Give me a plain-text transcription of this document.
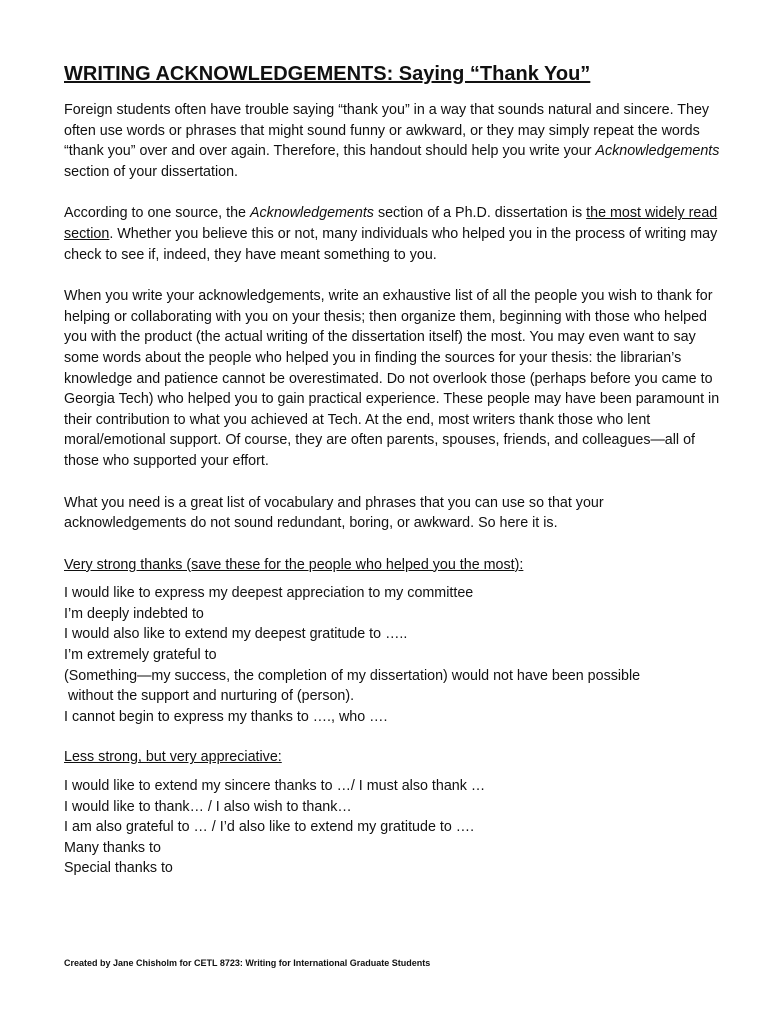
WRITING ACKNOWLEDGEMENTS: Saying “Thank You”

Foreign students often have trouble saying “thank you” in a way that sounds natural and sincere. They often use words or phrases that might sound funny or awkward, or they may simply repeat the words “thank you” over and over again. Therefore, this handout should help you write your Acknowledgements section of your dissertation.

According to one source, the Acknowledgements section of a Ph.D. dissertation is the most widely read section. Whether you believe this or not, many individuals who helped you in the process of writing may check to see if, indeed, they have meant something to you.

When you write your acknowledgements, write an exhaustive list of all the people you wish to thank for helping or collaborating with you on your thesis; then organize them, beginning with those who helped you with the product (the actual writing of the dissertation itself) the most. You may even want to say some words about the people who helped you in finding the sources for your thesis: the librarian’s knowledge and patience cannot be overestimated. Do not overlook those (perhaps before you came to Georgia Tech) who helped you to gain practical experience. These people may have been paramount in their contribution to what you achieved at Tech. At the end, most writers thank those who lent moral/emotional support. Of course, they are often parents, spouses, friends, and colleagues—all of those who supported your effort.

What you need is a great list of vocabulary and phrases that you can use so that your acknowledgements do not sound redundant, boring, or awkward. So here it is.

Very strong thanks (save these for the people who helped you the most):
I would like to express my deepest appreciation to my committee
I’m deeply indebted to
I would also like to extend my deepest gratitude to …..
I’m extremely grateful to
(Something—my success, the completion of my dissertation) would not have been possible
without the support and nurturing of (person).
I cannot begin to express my thanks to …., who ….
Less strong, but very appreciative:
I would like to extend my sincere thanks to …/ I must also thank …
I would like to thank… / I also wish to thank…
I am also grateful to … / I’d also like to extend my gratitude to ….
Many thanks to
Special thanks to
Created by Jane Chisholm for CETL 8723: Writing for International Graduate Students
